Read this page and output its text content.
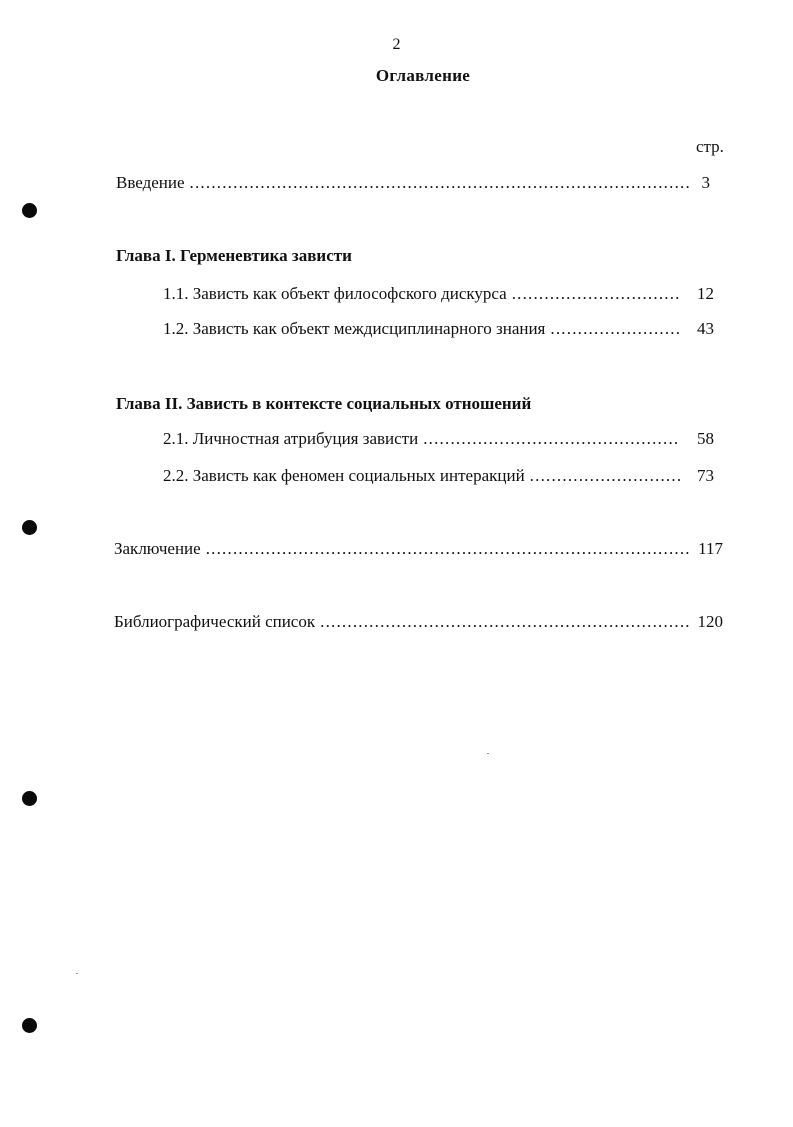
2
Оглавление
стр.
Введение .....	3
Глава I. Герменевтика зависти
1.1. Зависть как объект философского дискурса .....	12
1.2. Зависть как объект междисциплинарного знания .....	43
Глава II. Зависть в контексте социальных отношений
2.1. Личностная атрибуция зависти .....	58
2.2. Зависть как феномен социальных интеракций .....	73
Заключение .....	117
Библиографический список .....	120
